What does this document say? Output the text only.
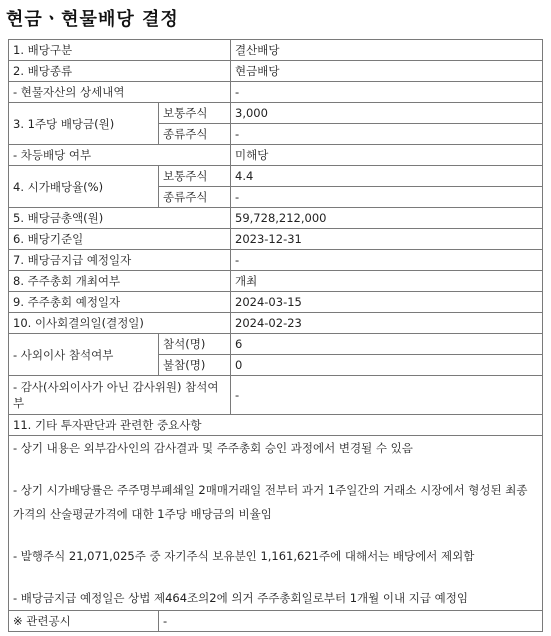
현금ㆍ현물배당 결정
1. 배당구분		결산배당
2. 배당종류		현금배당
- 현물자산의 상세내역		-
3. 1주당 배당금(원)	보통주식	3,000
	종류주식	-
- 차등배당 여부		미해당
4. 시가배당율(%)	보통주식	4.4
	종류주식	-
5. 배당금총액(원)		59,728,212,000
6. 배당기준일		2023-12-31
7. 배당금지급 예정일자		-
8. 주주총회 개최여부		개최
9. 주주총회 예정일자		2024-03-15
10. 이사회결의일(결정일)		2024-02-23
- 사외이사 참석여부	참석(명)	6
	불참(명)	0
- 감사(사외이사가 아닌 감사위원) 참석여부		-
11. 기타 투자판단과 관련한 중요사항		

- 상기 내용은 외부감사인의 감사결과 및 주주총회 승인 과정에서 변경될 수 있음
- 상기 시가배당률은 주주명부폐쇄일 2매매거래일 전부터 과거 1주일간의 거래소 시장에서 형성된 최종가격의 산술평균가격에 대한 1주당 배당금의 비율임
- 발행주식 21,071,025주 중 자기주식 보유분인 1,161,621주에 대해서는 배당에서 제외함
- 배당금지급 예정일은 상법 제464조의2에 의거 주주총회일로부터 1개월 이내 지급 예정임		

※ 관련공시	-	
